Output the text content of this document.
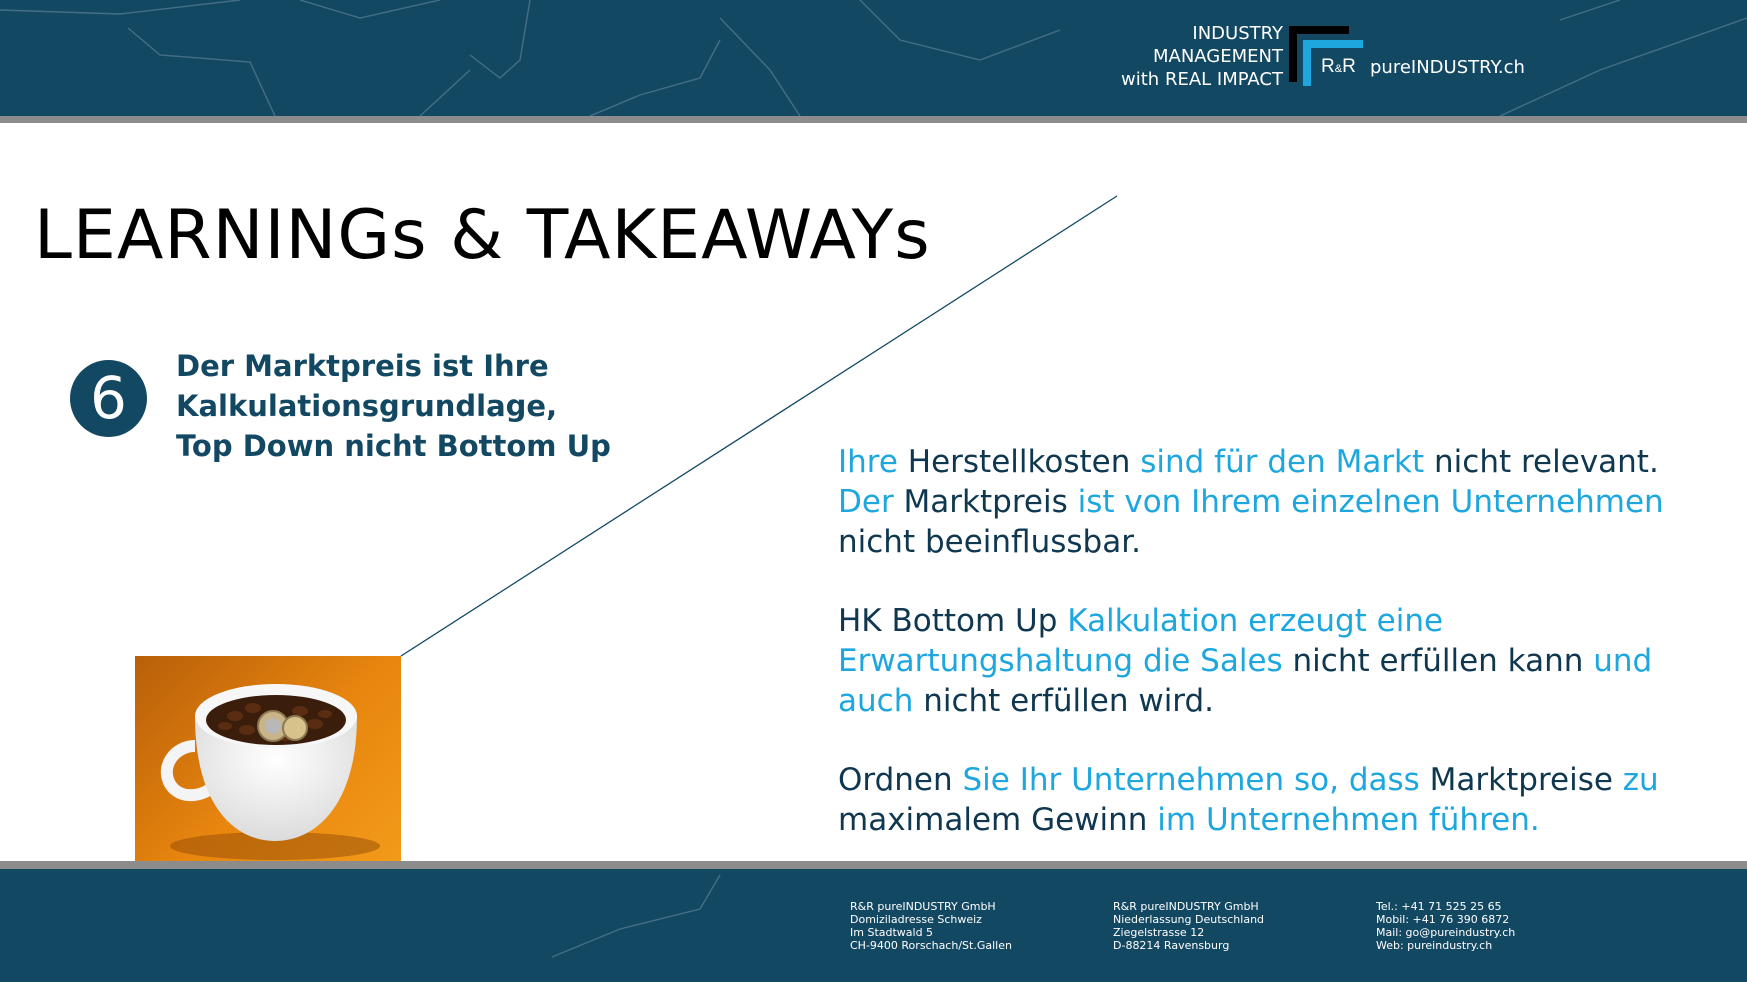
INDUSTRY
MANAGEMENT
with REAL IMPACT
R&R pureINDUSTRY.ch
LEARNINGs & TAKEAWAYs
6	Der Marktpreis ist Ihre
Kalkulationsgrundlage,
Top Down nicht Bottom Up	Ihre Herstellkosten sind für den Markt nicht relevant. Der Marktpreis ist von Ihrem einzelnen Unternehmen nicht beeinflussbar.

HK Bottom Up Kalkulation erzeugt eine Erwartungshaltung die Sales nicht erfüllen kann und auch nicht erfüllen wird.

Ordnen Sie Ihr Unternehmen so, dass Marktpreise zu maximalem Gewinn im Unternehmen führen.

R&R pureINDUSTRY GmbH
Domiziladresse Schweiz
Im Stadtwald 5
CH-9400 Rorschach/St.Gallen
R&R pureINDUSTRY GmbH
Niederlassung Deutschland
Ziegelstrasse 12
D-88214 Ravensburg
Tel.: +41 71 525 25 65
Mobil: +41 76 390 6872
Mail: go@pureindustry.ch
Web: pureindustry.ch
